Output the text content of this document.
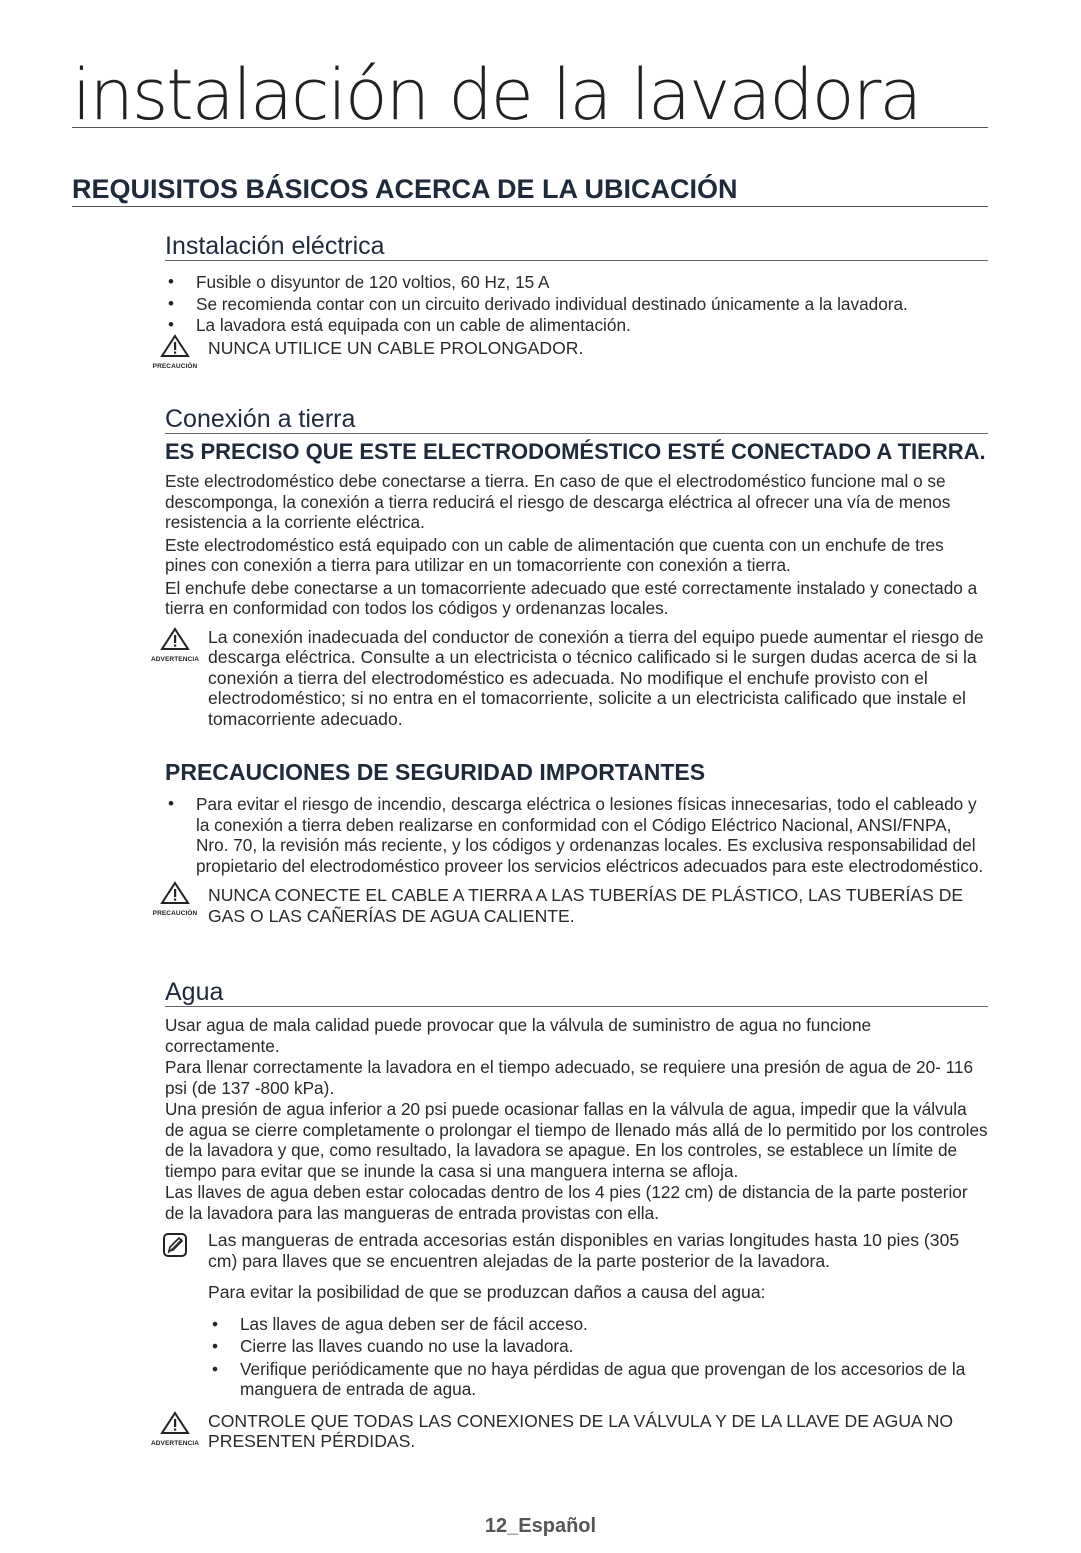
instalación de la lavadora
REQUISITOS BÁSICOS ACERCA DE LA UBICACIÓN
Instalación eléctrica
• Fusible o disyuntor de 120 voltios, 60 Hz, 15 A
• Se recomienda contar con un circuito derivado individual destinado únicamente a la lavadora.
• La lavadora está equipada con un cable de alimentación.
PRECAUCIÓN
NUNCA UTILICE UN CABLE PROLONGADOR.
Conexión a tierra
ES PRECISO QUE ESTE ELECTRODOMÉSTICO ESTÉ CONECTADO A TIERRA.

Este electrodoméstico debe conectarse a tierra. En caso de que el electrodoméstico funcione mal o se descomponga, la conexión a tierra reducirá el riesgo de descarga eléctrica al ofrecer una vía de menos resistencia a la corriente eléctrica.

Este electrodoméstico está equipado con un cable de alimentación que cuenta con un enchufe de tres pines con conexión a tierra para utilizar en un tomacorriente con conexión a tierra.

El enchufe debe conectarse a un tomacorriente adecuado que esté correctamente instalado y conectado a tierra en conformidad con todos los códigos y ordenanzas locales.

ADVERTENCIA
La conexión inadecuada del conductor de conexión a tierra del equipo puede aumentar el riesgo de descarga eléctrica. Consulte a un electricista o técnico calificado si le surgen dudas acerca de si la conexión a tierra del electrodoméstico es adecuada. No modifique el enchufe provisto con el electrodoméstico; si no entra en el tomacorriente, solicite a un electricista calificado que instale el tomacorriente adecuado.
PRECAUCIONES DE SEGURIDAD IMPORTANTES
• Para evitar el riesgo de incendio, descarga eléctrica o lesiones físicas innecesarias, todo el cableado y la conexión a tierra deben realizarse en conformidad con el Código Eléctrico Nacional, ANSI/FNPA, Nro. 70, la revisión más reciente, y los códigos y ordenanzas locales. Es exclusiva responsabilidad del propietario del electrodoméstico proveer los servicios eléctricos adecuados para este electrodoméstico.
PRECAUCIÓN
NUNCA CONECTE EL CABLE A TIERRA A LAS TUBERÍAS DE PLÁSTICO, LAS TUBERÍAS DE GAS O LAS CAÑERÍAS DE AGUA CALIENTE.
Agua

Usar agua de mala calidad puede provocar que la válvula de suministro de agua no funcione correctamente.

Para llenar correctamente la lavadora en el tiempo adecuado, se requiere una presión de agua de 20- 116 psi (de 137 -800 kPa).

Una presión de agua inferior a 20 psi puede ocasionar fallas en la válvula de agua, impedir que la válvula de agua se cierre completamente o prolongar el tiempo de llenado más allá de lo permitido por los controles de la lavadora y que, como resultado, la lavadora se apague. En los controles, se establece un límite de tiempo para evitar que se inunde la casa si una manguera interna se afloja.

Las llaves de agua deben estar colocadas dentro de los 4 pies (122 cm) de distancia de la parte posterior de la lavadora para las mangueras de entrada provistas con ella.

Las mangueras de entrada accesorias están disponibles en varias longitudes hasta 10 pies (305 cm) para llaves que se encuentren alejadas de la parte posterior de la lavadora.

Para evitar la posibilidad de que se produzcan daños a causa del agua:

• Las llaves de agua deben ser de fácil acceso.
• Cierre las llaves cuando no use la lavadora.
• Verifique periódicamente que no haya pérdidas de agua que provengan de los accesorios de la manguera de entrada de agua.
ADVERTENCIA
CONTROLE QUE TODAS LAS CONEXIONES DE LA VÁLVULA Y DE LA LLAVE DE AGUA NO PRESENTEN PÉRDIDAS.
12_Español
